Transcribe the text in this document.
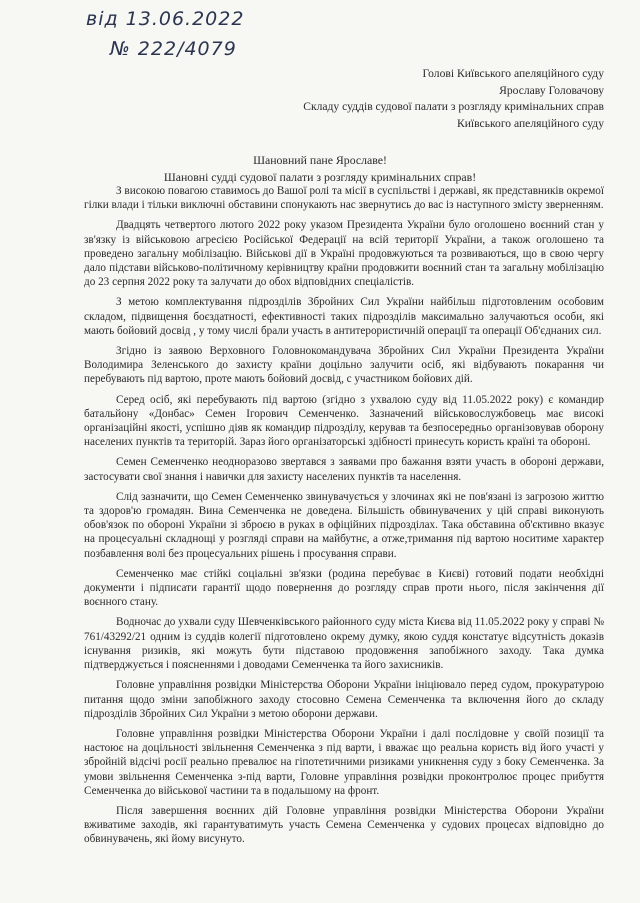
від 13.06.2022
№ 222/4079
Голові Київського апеляційного суду
Ярославу Головачову
Складу суддів судової палати з розгляду кримінальних справ
Київського апеляційного суду
Шановний пане Ярославе!
Шановні судді судової палати з розгляду кримінальних справ!

З високою повагою ставимось до Вашої ролі та місії в суспільстві і державі, як представників окремої гілки влади і тільки виключні обставини спонукають нас звернутись до вас із наступного змісту зверненням.

Двадцять четвертого лютого 2022 року указом Президента України було оголошено воєнний стан у зв'язку із військовою агресією Російської Федерації на всій території України, а також оголошено та проведено загальну мобілізацію. Військові дії в Україні продовжуються та розвиваються, що в свою чергу дало підстави військово-політичному керівництву країни продовжити воєнний стан та загальну мобілізацію до 23 серпня 2022 року та залучати до обох відповідних спеціалістів.

З метою комплектування підрозділів Збройних Сил України найбільш підготовленим особовим складом, підвищення боєздатності, ефективності таких підрозділів максимально залучаються особи, які мають бойовий досвід , у тому числі брали участь в антитерористичній операції та операції Об'єднаних сил.

Згідно із заявою Верховного Головнокомандувача Збройних Сил України Президента України Володимира Зеленського до захисту країни доцільно залучити осіб, які відбувають покарання чи перебувають під вартою, проте мають бойовий досвід, с участником бойових дій.

Серед осіб, які перебувають під вартою (згідно з ухвалою суду від 11.05.2022 року) є командир батальйону «Донбас» Семен Ігорович Семенченко. Зазначений військовослужбовець має високі організаційні якості, успішно діяв як командир підрозділу, керував та безпосередньо організовував оборону населених пунктів та територій. Зараз його організаторські здібності принесуть користь країні та обороні.

Семен Семенченко неодноразово звертався з заявами про бажання взяти участь в обороні держави, застосувати свої знання і навички для захисту населених пунктів та населення.

Слід зазначити, що Семен Семенченко звинувачується у злочинах які не пов'язані із загрозою життю та здоров'ю громадян. Вина Семенченка не доведена. Більшість обвинувачених у цій справі виконують обов'язок по обороні України зі зброєю в руках в офіційних підрозділах. Така обставина об'єктивно вказує на процесуальні складнощі у розгляді справи на майбутнє, а отже,тримання під вартою носитиме характер позбавлення волі без процесуальних рішень і просування справи.

Семенченко має стійкі соціальні зв'язки (родина перебуває в Києві) готовий подати необхідні документи і підписати гарантії щодо повернення до розгляду справ проти нього, після закінчення дії воєнного стану.

Водночас до ухвали суду Шевченківського районного суду міста Києва від 11.05.2022 року у справі № 761/43292/21 одним із суддів колегії підготовлено окрему думку, якою суддя констатує відсутність доказів існування ризиків, які можуть бути підставою продовження запобіжного заходу. Така думка підтверджується і поясненнями і доводами Семенченка та його захисників.

Головне управління розвідки Міністерства Оборони України ініціювало перед судом, прокуратурою питання щодо зміни запобіжного заходу стосовно Семена Семенченка та включення його до складу підрозділів Збройних Сил України з метою оборони держави.

Головне управління розвідки Міністерства Оборони України і далі послідовне у своїй позиції та настоює на доцільності звільнення Семенченка з під варти, і вважає що реальна користь від його участі у збройній відсічі росії реально превалює на гіпотетичними ризиками уникнення суду з боку Семенченка. За умови звільнення Семенченка з-під варти, Головне управління розвідки проконтролює процес прибуття Семенченка до військової частини та в подальшому на фронт.

Після завершення воєнних дій Головне управління розвідки Міністерства Оборони України вживатиме заходів, які гарантуватимуть участь Семена Семенченка у судових процесах відповідно до обвинувачень, які йому висунуто.
